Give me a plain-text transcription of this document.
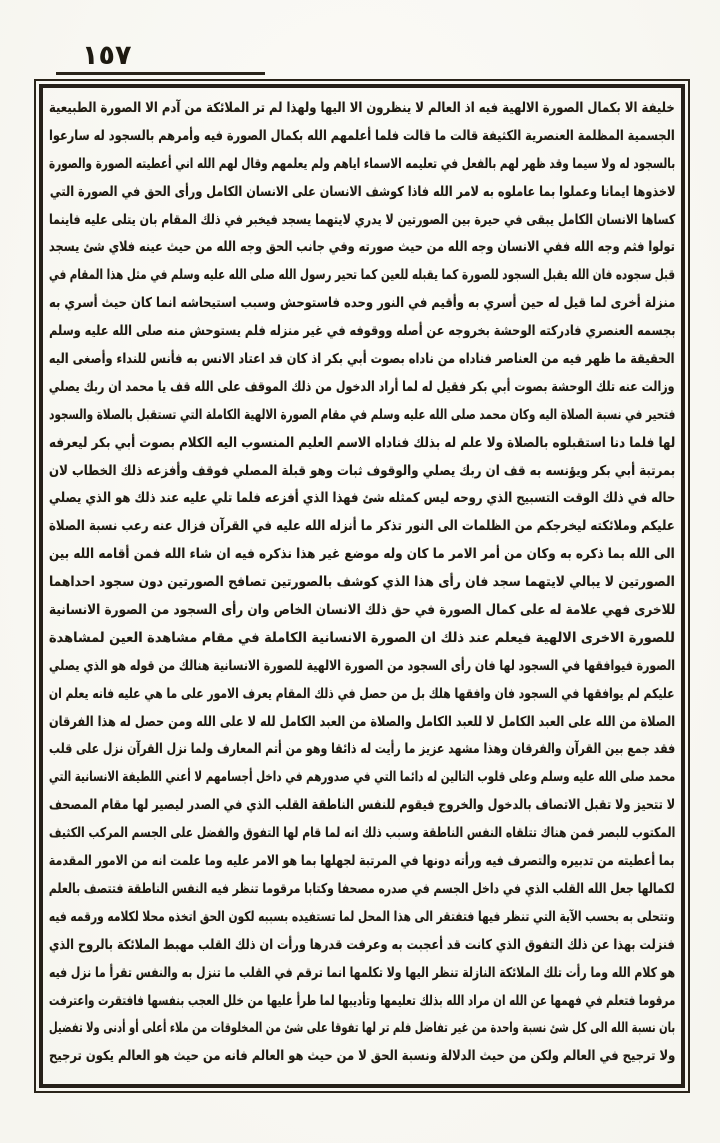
١٥٧
خليفة الا بكمال الصورة الالهية فيه اذ العالم لا ينظرون الا اليها ولهذا لم تر الملائكة من آدم الا الصورة الطبيعية
الجسمية المظلمة العنصرية الكثيفة قالت ما قالت فلما أعلمهم الله بكمال الصورة فيه وأمرهم بالسجود له سارعوا
بالسجود له ولا سيما وقد ظهر لهم بالفعل في تعليمه الاسماء اياهم ولم يعلمهم وقال لهم الله اني أعطيته الصورة والصورة
لاخذوها ايمانا وعملوا بما عاملوه به لامر الله فاذا كوشف الانسان على الانسان الكامل ورأى الحق في الصورة التي
كساها الانسان الكامل يبقى في حيرة بين الصورتين لا يدري لايتهما يسجد فيخبر في ذلك المقام بان يتلى عليه فاينما
تولوا فثم وجه الله ففي الانسان وجه الله من حيث صورته وفي جانب الحق وجه الله من حيث عينه فلاي شئ يسجد
قبل سجوده فان الله يقبل السجود للصورة كما يقبله للعين كما تحير رسول الله صلى الله عليه وسلم في مثل هذا المقام في
منزلة أخرى لما قيل له حين أسري به وأقيم في النور وحده فاستوحش وسبب استيحاشه انما كان حيث أسري به
بجسمه العنصري فادركته الوحشة بخروجه عن أصله ووقوفه في غير منزله فلم يستوحش منه صلى الله عليه وسلم
الحقيقة ما ظهر فيه من العناصر فناداه من ناداه بصوت أبي بكر اذ كان قد اعتاد الانس به فأنس للنداء وأصغى اليه
وزالت عنه تلك الوحشة بصوت أبي بكر فقيل له لما أراد الدخول من ذلك الموقف على الله قف يا محمد ان ربك يصلي
فتحير في نسبة الصلاة اليه وكان محمد صلى الله عليه وسلم في مقام الصورة الالهية الكاملة التي تستقبل بالصلاة والسجود
لها فلما دنا استقبلوه بالصلاة ولا علم له بذلك فناداه الاسم العليم المنسوب اليه الكلام بصوت أبي بكر ليعرفه
بمرتبة أبي بكر ويؤنسه به قف ان ربك يصلي والوقوف ثبات وهو قبلة المصلي فوقف وأفزعه ذلك الخطاب لان
حاله في ذلك الوقت التسبيح الذي روحه ليس كمثله شئ فهذا الذي أفزعه فلما تلي عليه عند ذلك هو الذي يصلي
عليكم وملائكته ليخرجكم من الظلمات الى النور تذكر ما أنزله الله عليه في القرآن فزال عنه رعب نسبة الصلاة
الى الله بما ذكره به وكان من أمر الامر ما كان وله موضع غير هذا نذكره فيه ان شاء الله فمن أقامه الله بين
الصورتين لا يبالي لايتهما سجد فان رأى هذا الذي كوشف بالصورتين تصافح الصورتين دون سجود احداهما
للاخرى فهي علامة له على كمال الصورة في حق ذلك الانسان الخاص وان رأى السجود من الصورة الانسانية
للصورة الاخرى الالهية فيعلم عند ذلك ان الصورة الانسانية الكاملة في مقام مشاهدة العين لمشاهدة
الصورة فيوافقها في السجود لها فان رأى السجود من الصورة الالهية للصورة الانسانية هنالك من قوله هو الذي يصلي
عليكم لم يوافقها في السجود فان وافقها هلك بل من حصل في ذلك المقام يعرف الامور على ما هي عليه فانه يعلم ان
الصلاة من الله على العبد الكامل لا للعبد الكامل والصلاة من العبد الكامل لله لا على الله ومن حصل له هذا الفرقان
فقد جمع بين القرآن والفرقان وهذا مشهد عزيز ما رأيت له ذائقا وهو من أتم المعارف ولما نزل القرآن نزل على قلب
محمد صلى الله عليه وسلم وعلى قلوب التالين له دائما التي في صدورهم في داخل أجسامهم لا أعني اللطيفة الانسانية التي
لا تتحيز ولا تقبل الاتصاف بالدخول والخروج فيقوم للنفس الناطقة القلب الذي في الصدر ليصير لها مقام المصحف
المكتوب للبصر فمن هناك تتلقاه النفس الناطقة وسبب ذلك انه لما قام لها التفوق والفضل على الجسم المركب الكثيف
بما أعطيته من تدبيره والتصرف فيه ورأته دونها في المرتبة لجهلها بما هو الامر عليه وما علمت انه من الامور المقدمة
لكمالها جعل الله القلب الذي في داخل الجسم في صدره مصحفا وكتابا مرقوما تنظر فيه النفس الناطقة فتتصف بالعلم
وتتحلى به بحسب الآية التي تنظر فيها فتفتقر الى هذا المحل لما تستفيده بسببه لكون الحق اتخذه محلا لكلامه ورقمه فيه
فنزلت بهذا عن ذلك التفوق الذي كانت قد أعجبت به وعرفت قدرها ورأت ان ذلك القلب مهبط الملائكة بالروح الذي
هو كلام الله وما رأت تلك الملائكة النازلة تنظر اليها ولا تكلمها انما ترقم في القلب ما تنزل به والنفس تقرأ ما نزل فيه
مرقوما فتعلم في فهمها عن الله ان مراد الله بذلك تعليمها وتأديبها لما طرأ عليها من خلل العجب بنفسها فافتقرت واعترفت
بان نسبة الله الى كل شئ نسبة واحدة من غير تفاضل فلم تر لها تفوقا على شئ من المخلوقات من ملاء أعلى أو أدنى ولا تفضيل
ولا ترجيح في العالم ولكن من حيث الدلالة ونسبة الحق لا من حيث هو العالم فانه من حيث هو العالم يكون ترجيح
